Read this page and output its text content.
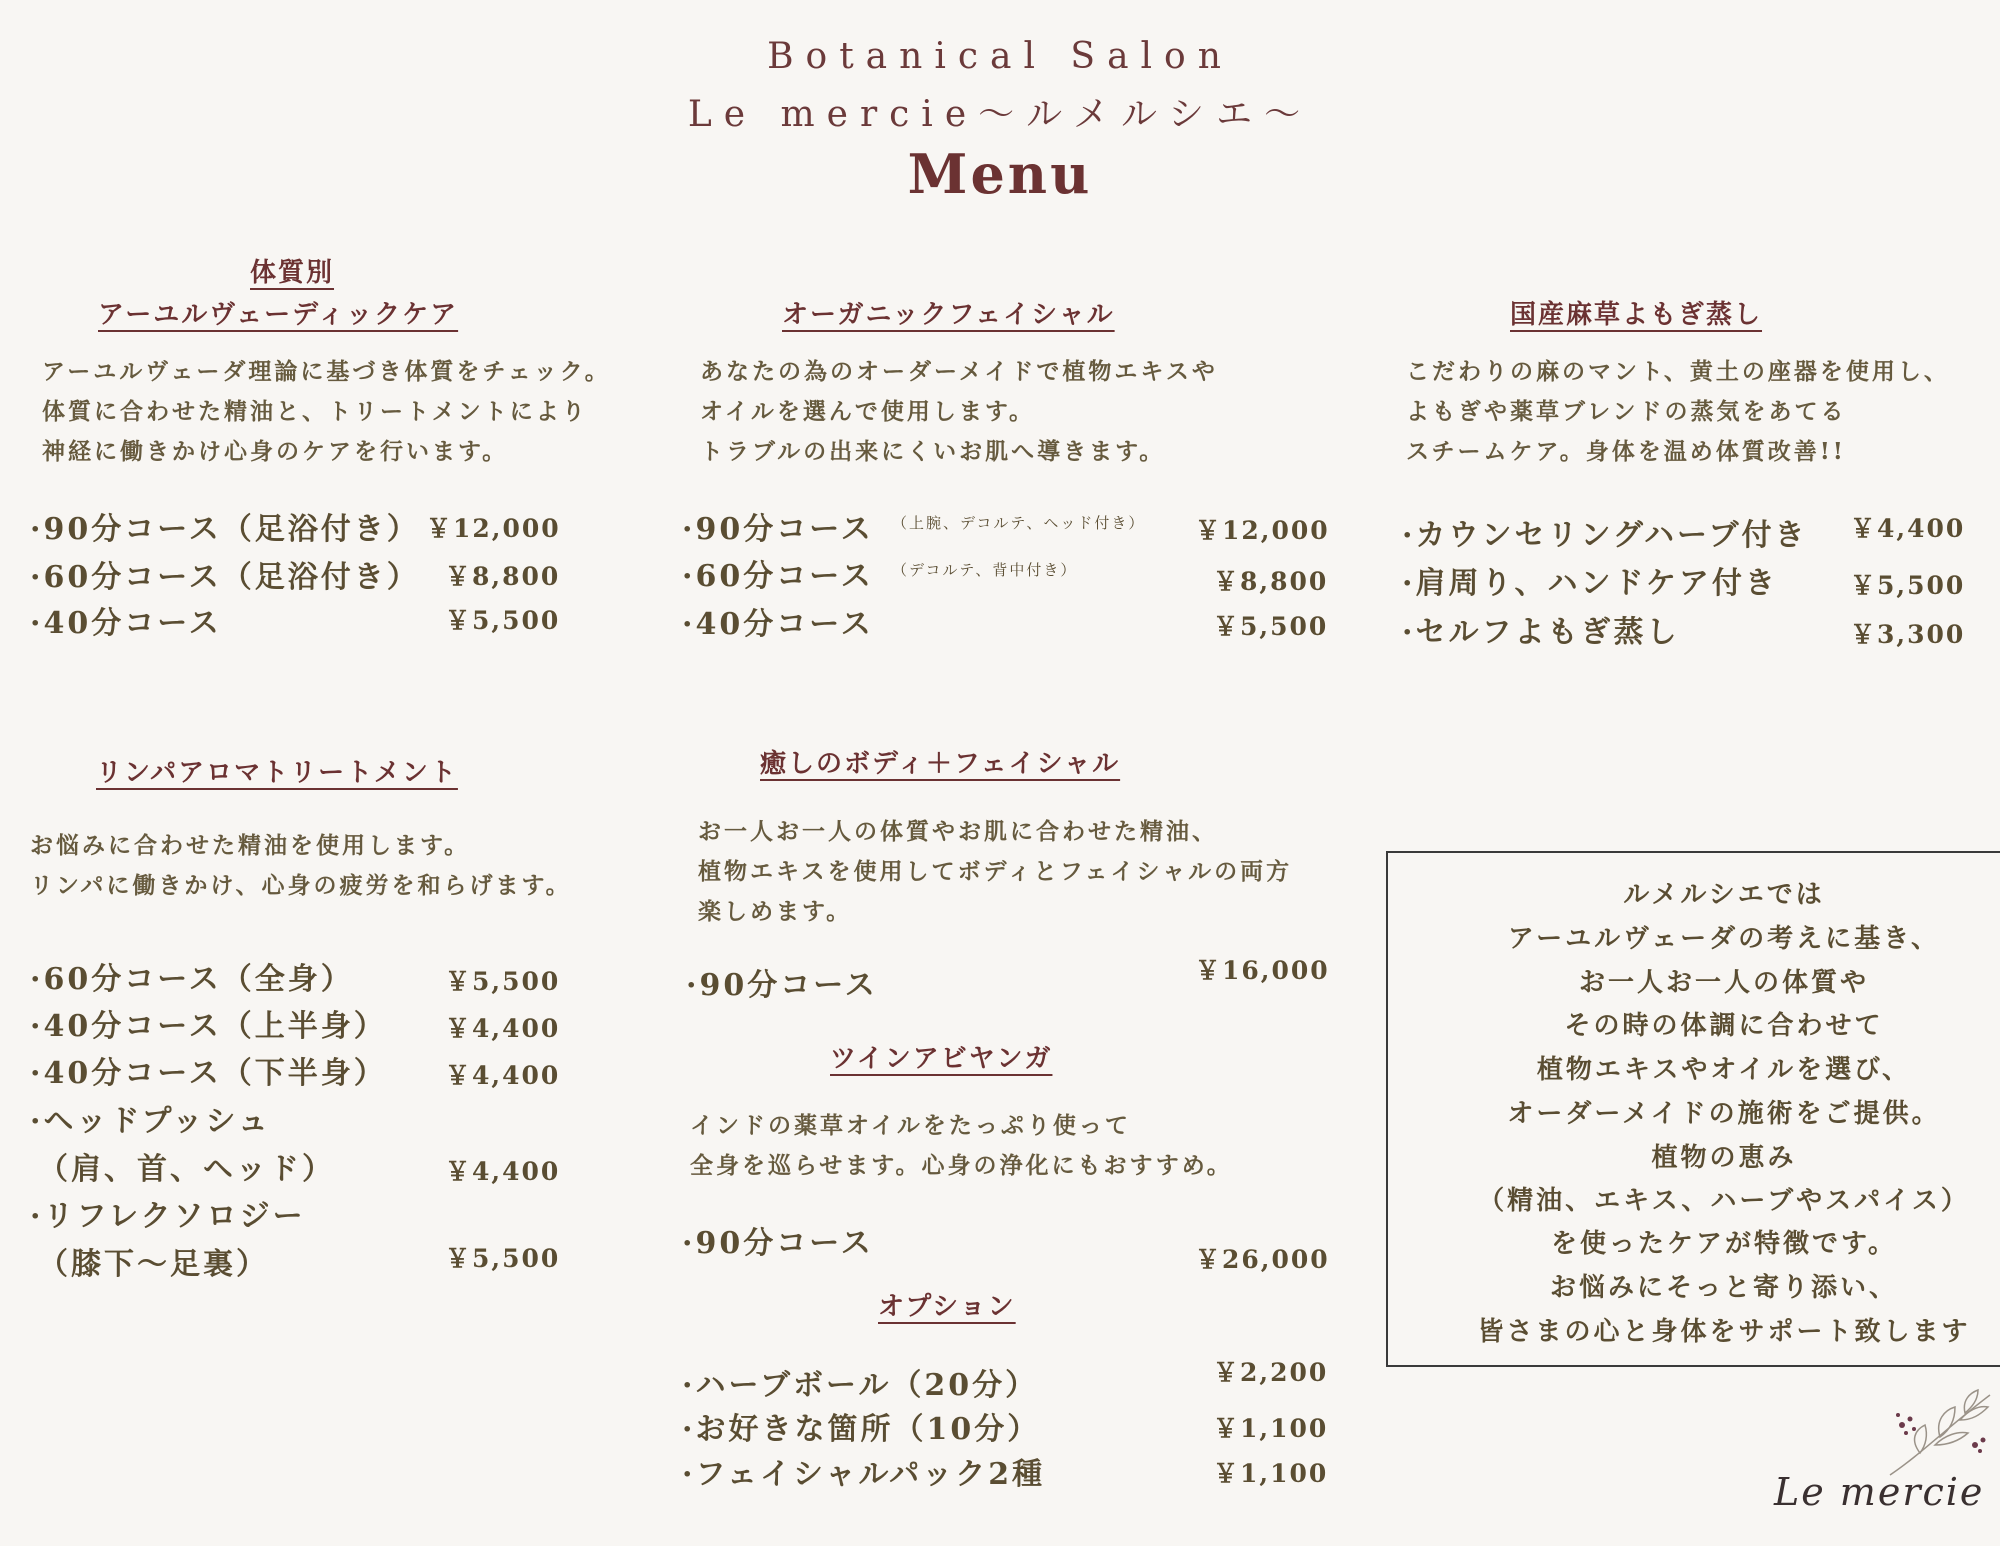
Botanical Salon
Le mercie～ルメルシエ～
Menu
体質別
アーユルヴェーディックケア
アーユルヴェーダ理論に基づき体質をチェック。
体質に合わせた精油と、トリートメントにより
神経に働きかけ心身のケアを行います。
·90分コース（足浴付き） ￥12,000
·60分コース（足浴付き） ￥8,800
·40分コース	￥5,500
オーガニックフェイシャル
あなたの為のオーダーメイドで植物エキスや
オイルを選んで使用します。
トラブルの出来にくいお肌へ導きます。
·90分コース （上腕、デコルテ、ヘッド付き） ￥12,000
·60分コース （デコルテ、背中付き）	￥8,800
·40分コース	￥5,500
国産麻草よもぎ蒸し
こだわりの麻のマント、黄土の座器を使用し、
よもぎや薬草ブレンドの蒸気をあてる
スチームケア。身体を温め体質改善!!
·カウンセリングハーブ付き ￥4,400
·肩周り、ハンドケア付き	￥5,500
·セルフよもぎ蒸し	￥3,300
リンパアロマトリートメント
お悩みに合わせた精油を使用します。
リンパに働きかけ、心身の疲労を和らげます。
·60分コース（全身）	￥5,500
·40分コース（上半身） ￥4,400
·40分コース（下半身） ￥4,400
·ヘッドプッシュ
（肩、首、ヘッド）	￥4,400
·リフレクソロジー
（膝下～足裏）	￥5,500
癒しのボディ＋フェイシャル
お一人お一人の体質やお肌に合わせた精油、
植物エキスを使用してボディとフェイシャルの両方
楽しめます。
·90分コース	￥16,000
ツインアビヤンガ
インドの薬草オイルをたっぷり使って
全身を巡らせます。心身の浄化にもおすすめ。
·90分コース	￥26,000
オプション
·ハーブボール（20分）	￥2,200
·お好きな箇所（10分）	￥1,100
·フェイシャルパック2種	￥1,100
ルメルシエでは
アーユルヴェーダの考えに基き、
お一人お一人の体質や
その時の体調に合わせて
植物エキスやオイルを選び、
オーダーメイドの施術をご提供。
植物の恵み
（精油、エキス、ハーブやスパイス）
を使ったケアが特徴です。
お悩みにそっと寄り添い、
皆さまの心と身体をサポート致します
Le mercie
